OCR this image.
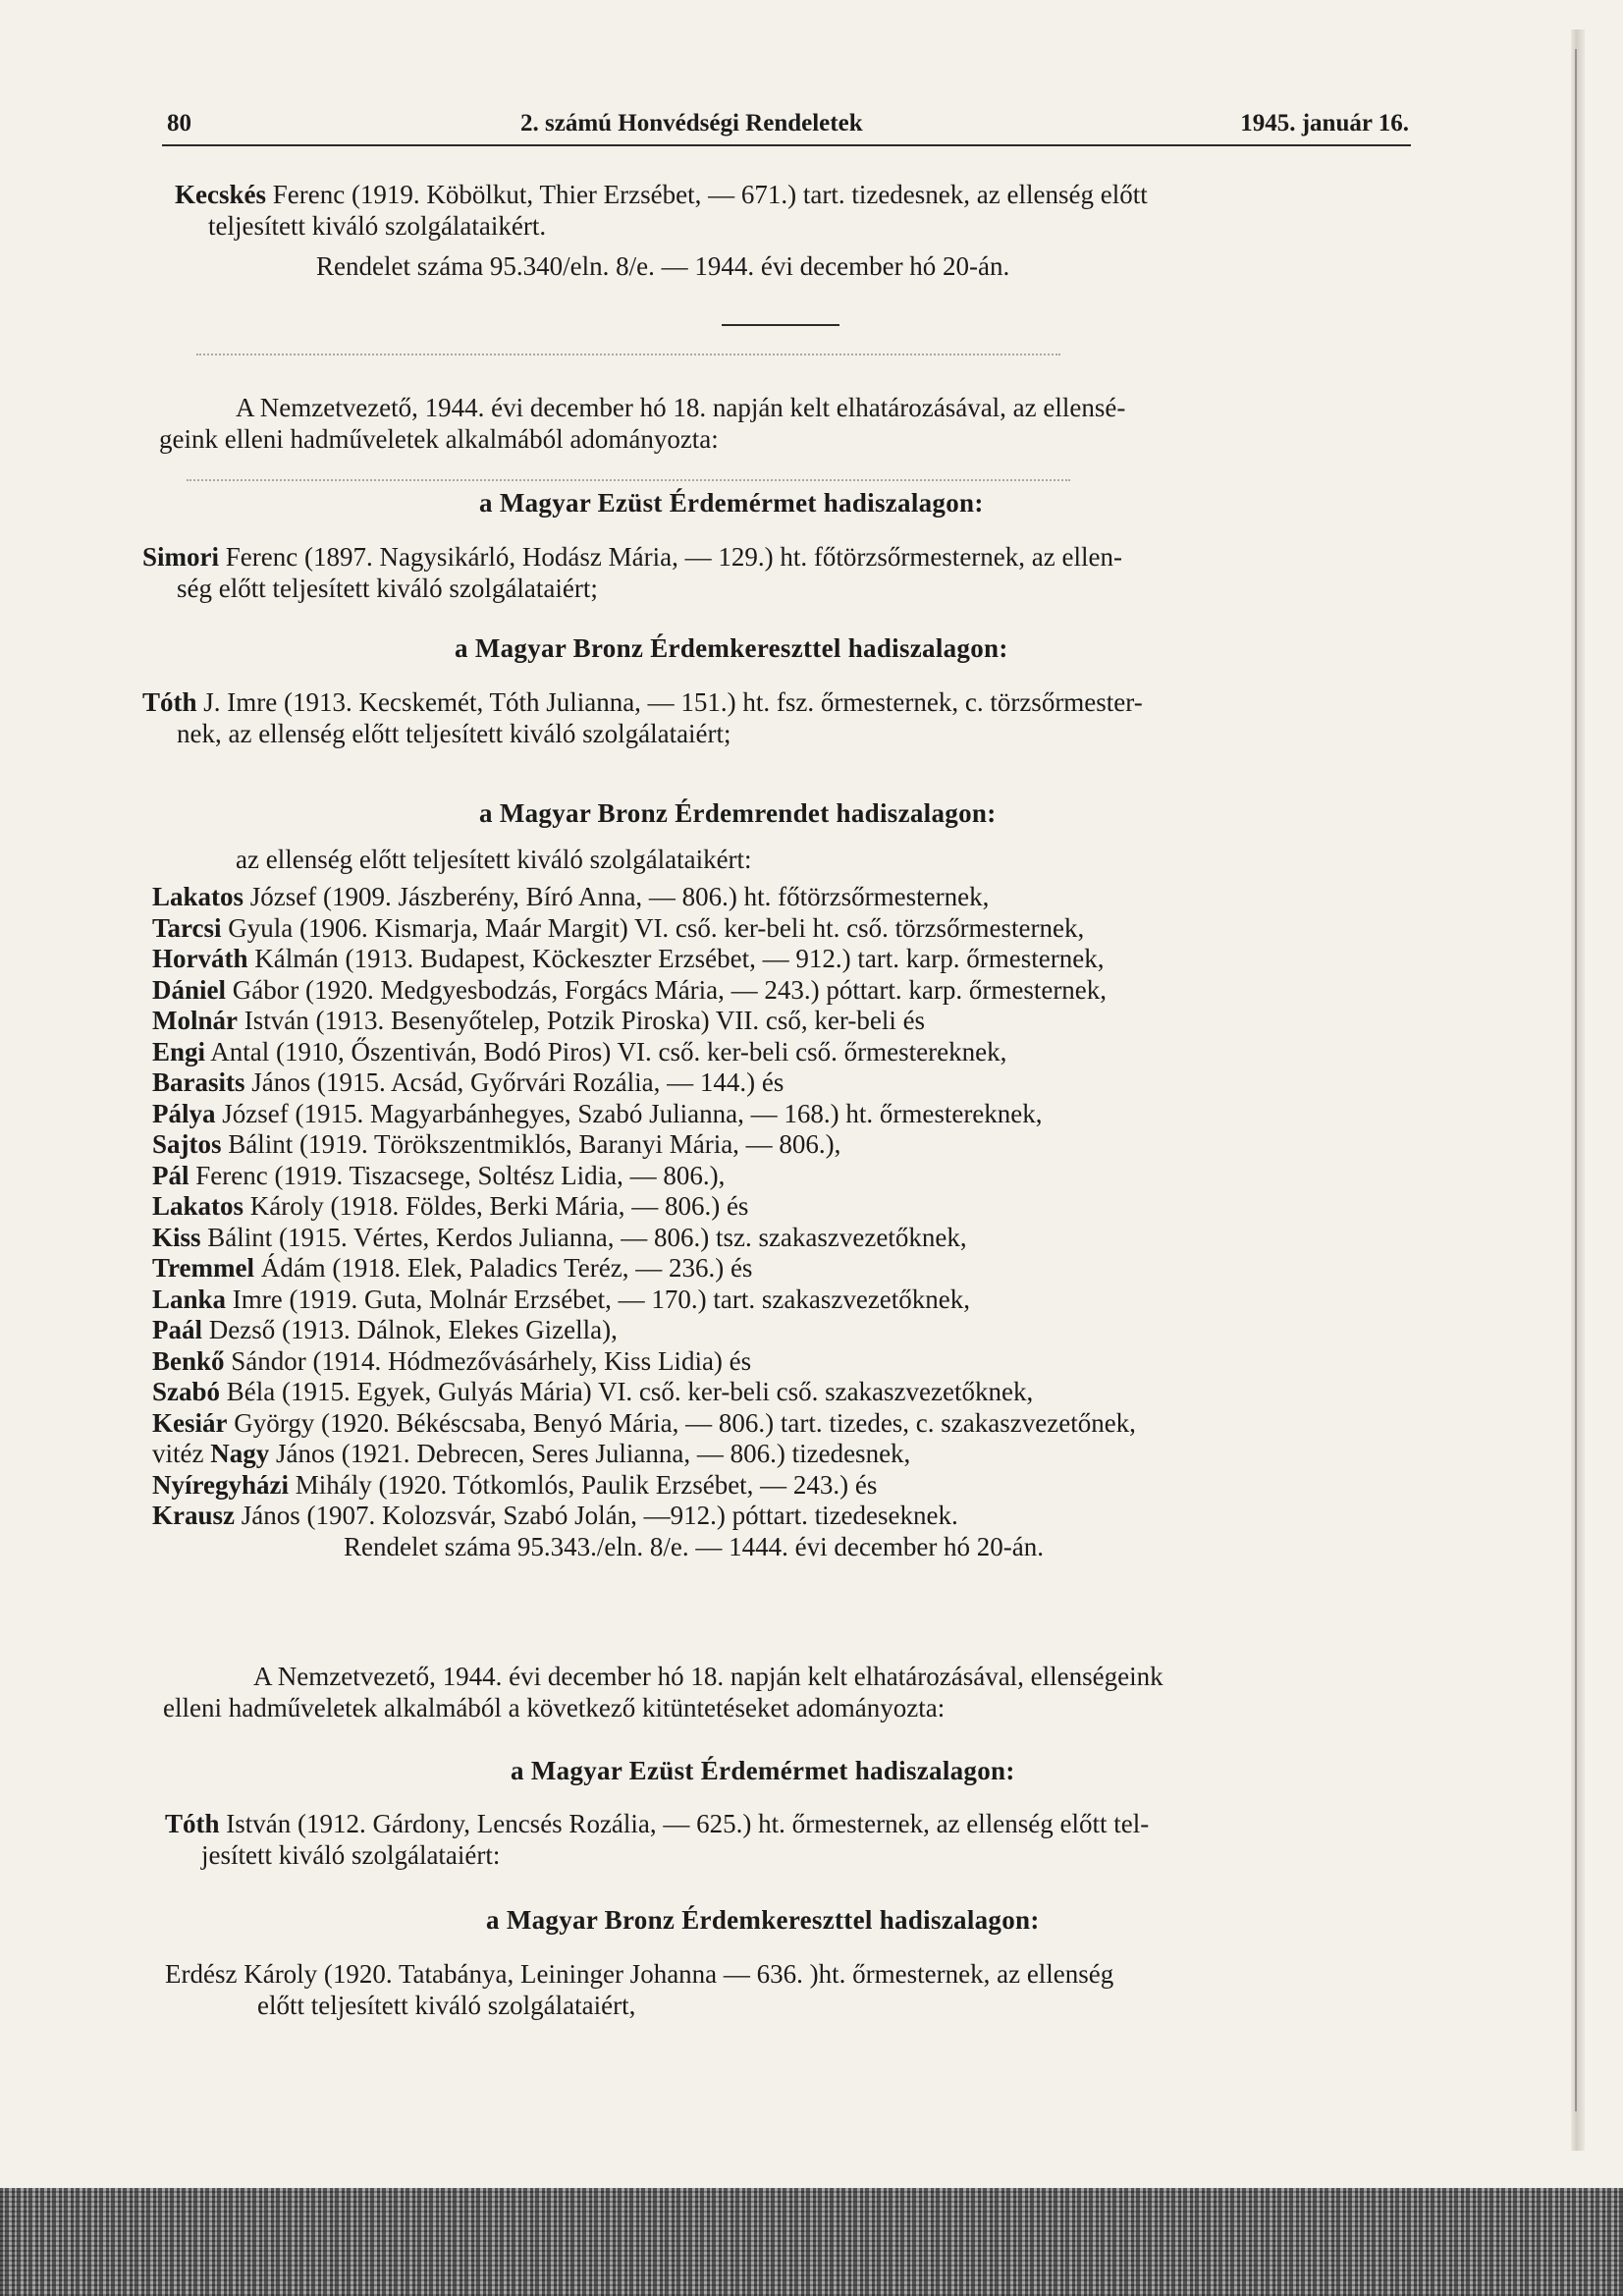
80	2. számú Honvédségi Rendeletek	1945. január 16.
Kecskés Ferenc (1919. Köbölkut, Thier Erzsébet, — 671.) tart. tizedesnek, az ellenség előtt
teljesített kiváló szolgálataikért.
Rendelet száma 95.340/eln. 8/e. — 1944. évi december hó 20-án.
A Nemzetvezető, 1944. évi december hó 18. napján kelt elhatározásával, az ellensé-
geink elleni hadműveletek alkalmából adományozta:
a Magyar Ezüst Érdemérmet hadiszalagon:
Simori Ferenc (1897. Nagysikárló, Hodász Mária, — 129.) ht. főtörzsőrmesternek, az ellen-
ség előtt teljesített kiváló szolgálataiért;
a Magyar Bronz Érdemkereszttel hadiszalagon:
Tóth J. Imre (1913. Kecskemét, Tóth Julianna, — 151.) ht. fsz. őrmesternek, c. törzsőrmester-
nek, az ellenség előtt teljesített kiváló szolgálataiért;
a Magyar Bronz Érdemrendet hadiszalagon:
az ellenség előtt teljesített kiváló szolgálataikért:
Lakatos József (1909. Jászberény, Bíró Anna, — 806.) ht. főtörzsőrmesternek,
Tarcsi Gyula (1906. Kismarja, Maár Margit) VI. cső. ker-beli ht. cső. törzsőrmesternek,
Horváth Kálmán (1913. Budapest, Köckeszter Erzsébet, — 912.) tart. karp. őrmesternek,
Dániel Gábor (1920. Medgyesbodzás, Forgács Mária, — 243.) póttart. karp. őrmesternek,
Molnár István (1913. Besenyőtelep, Potzik Piroska) VII. cső, ker-beli és
Engi Antal (1910, Őszentiván, Bodó Piros) VI. cső. ker-beli cső. őrmestereknek,
Barasits János (1915. Acsád, Győrvári Rozália, — 144.) és
Pálya József (1915. Magyarbánhegyes, Szabó Julianna, — 168.) ht. őrmestereknek,
Sajtos Bálint (1919. Törökszentmiklós, Baranyi Mária, — 806.),
Pál Ferenc (1919. Tiszacsege, Soltész Lidia, — 806.),
Lakatos Károly (1918. Földes, Berki Mária, — 806.) és
Kiss Bálint (1915. Vértes, Kerdos Julianna, — 806.) tsz. szakaszvezetőknek,
Tremmel Ádám (1918. Elek, Paladics Teréz, — 236.) és
Lanka Imre (1919. Guta, Molnár Erzsébet, — 170.) tart. szakaszvezetőknek,
Paál Dezső (1913. Dálnok, Elekes Gizella),
Benkő Sándor (1914. Hódmezővásárhely, Kiss Lidia) és
Szabó Béla (1915. Egyek, Gulyás Mária) VI. cső. ker-beli cső. szakaszvezetőknek,
Kesiár György (1920. Békéscsaba, Benyó Mária, — 806.) tart. tizedes, c. szakaszvezetőnek,
vitéz Nagy János (1921. Debrecen, Seres Julianna, — 806.) tizedesnek,
Nyíregyházi Mihály (1920. Tótkomlós, Paulik Erzsébet, — 243.) és
Krausz János (1907. Kolozsvár, Szabó Jolán, —912.) póttart. tizedeseknek.
Rendelet száma 95.343./eln. 8/e. — 1444. évi december hó 20-án.
A Nemzetvezető, 1944. évi december hó 18. napján kelt elhatározásával, ellenségeink
elleni hadműveletek alkalmából a következő kitüntetéseket adományozta:
a Magyar Ezüst Érdemérmet hadiszalagon:
Tóth István (1912. Gárdony, Lencsés Rozália, — 625.) ht. őrmesternek, az ellenség előtt tel-
jesített kiváló szolgálataiért:
a Magyar Bronz Érdemkereszttel hadiszalagon:
Erdész Károly (1920. Tatabánya, Leininger Johanna — 636. )ht. őrmesternek, az ellenség
előtt teljesített kiváló szolgálataiért,
